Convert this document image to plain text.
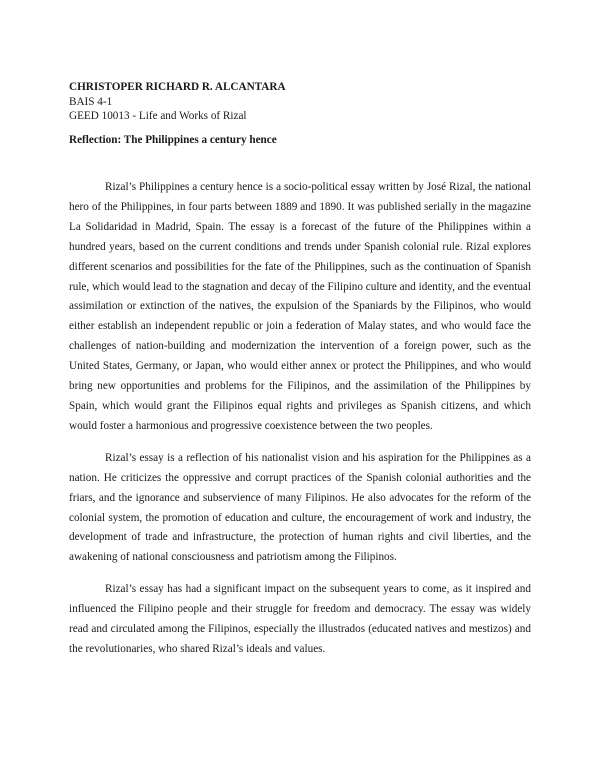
CHRISTOPER RICHARD R. ALCANTARA
BAIS 4-1
GEED 10013 - Life and Works of Rizal
Reflection: The Philippines a century hence

Rizal’s Philippines a century hence is a socio-political essay written by José Rizal, the national hero of the Philippines, in four parts between 1889 and 1890. It was published serially in the magazine La Solidaridad in Madrid, Spain. The essay is a forecast of the future of the Philippines within a hundred years, based on the current conditions and trends under Spanish colonial rule. Rizal explores different scenarios and possibilities for the fate of the Philippines, such as the continuation of Spanish rule, which would lead to the stagnation and decay of the Filipino culture and identity, and the eventual assimilation or extinction of the natives, the expulsion of the Spaniards by the Filipinos, who would either establish an independent republic or join a federation of Malay states, and who would face the challenges of nation-building and modernization the intervention of a foreign power, such as the United States, Germany, or Japan, who would either annex or protect the Philippines, and who would bring new opportunities and problems for the Filipinos, and the assimilation of the Philippines by Spain, which would grant the Filipinos equal rights and privileges as Spanish citizens, and which would foster a harmonious and progressive coexistence between the two peoples.

Rizal’s essay is a reflection of his nationalist vision and his aspiration for the Philippines as a nation. He criticizes the oppressive and corrupt practices of the Spanish colonial authorities and the friars, and the ignorance and subservience of many Filipinos. He also advocates for the reform of the colonial system, the promotion of education and culture, the encouragement of work and industry, the development of trade and infrastructure, the protection of human rights and civil liberties, and the awakening of national consciousness and patriotism among the Filipinos.

Rizal’s essay has had a significant impact on the subsequent years to come, as it inspired and influenced the Filipino people and their struggle for freedom and democracy. The essay was widely read and circulated among the Filipinos, especially the illustrados (educated natives and mestizos) and the revolutionaries, who shared Rizal’s ideals and values.
